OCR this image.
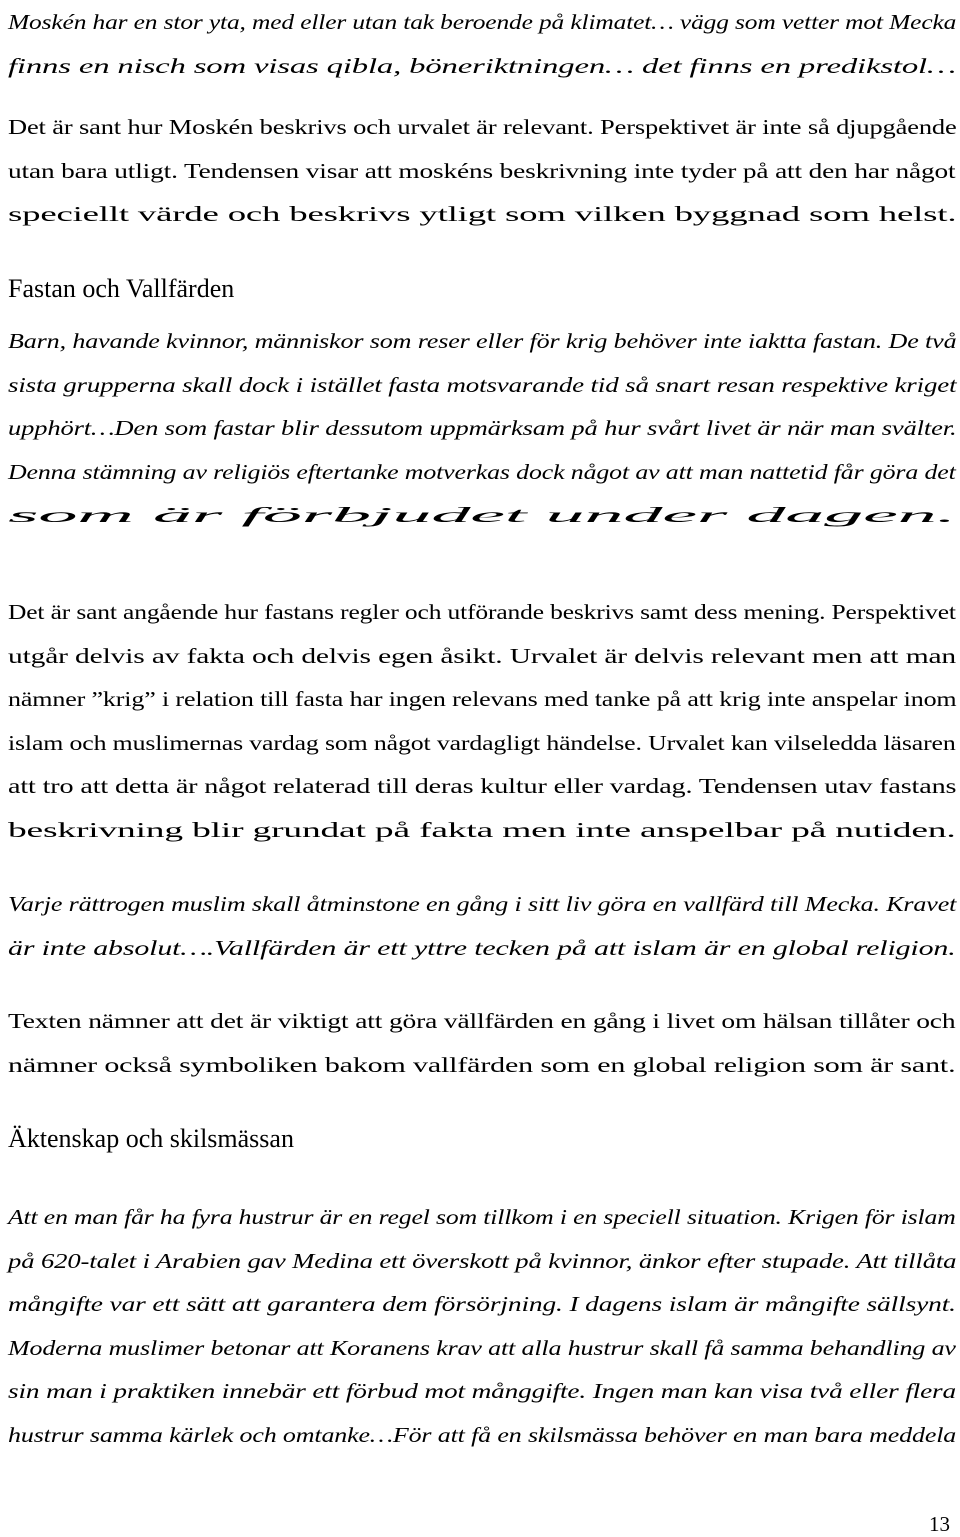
Moskén har en stor yta, med eller utan tak beroende på klimatet… vägg som vetter mot Mecka
finns en nisch som visas qibla, böneriktningen… det finns en predikstol…
Det är sant hur Moskén beskrivs och urvalet är relevant. Perspektivet är inte så djupgående
utan bara utligt. Tendensen visar att moskéns beskrivning inte tyder på att den har något
speciellt värde och beskrivs ytligt som vilken byggnad som helst.
Barn, havande kvinnor, människor som reser eller för krig behöver inte iaktta fastan. De två
sista grupperna skall dock i istället fasta motsvarande tid så snart resan respektive kriget
upphört…Den som fastar blir dessutom uppmärksam på hur svårt livet är när man svälter.
Denna stämning av religiös eftertanke motverkas dock något av att man nattetid får göra det
som är förbjudet under dagen.
Det är sant angående hur fastans regler och utförande beskrivs samt dess mening. Perspektivet
utgår delvis av fakta och delvis egen åsikt. Urvalet är delvis relevant men att man
nämner ”krig” i relation till fasta har ingen relevans med tanke på att krig inte anspelar inom
islam och muslimernas vardag som något vardagligt händelse. Urvalet kan vilseledda läsaren
att tro att detta är något relaterad till deras kultur eller vardag. Tendensen utav fastans
beskrivning blir grundat på fakta men inte anspelbar på nutiden.
Varje rättrogen muslim skall åtminstone en gång i sitt liv göra en vallfärd till Mecka. Kravet
är inte absolut….Vallfärden är ett yttre tecken på att islam är en global religion.
Texten nämner att det är viktigt att göra vällfärden en gång i livet om hälsan tillåter och
nämner också symboliken bakom vallfärden som en global religion som är sant.
Att en man får ha fyra hustrur är en regel som tillkom i en speciell situation. Krigen för islam
på 620-talet i Arabien gav Medina ett överskott på kvinnor, änkor efter stupade. Att tillåta
mångifte var ett sätt att garantera dem försörjning. I dagens islam är mångifte sällsynt.
Moderna muslimer betonar att Koranens krav att alla hustrur skall få samma behandling av
sin man i praktiken innebär ett förbud mot månggifte. Ingen man kan visa två eller flera
hustrur samma kärlek och omtanke…För att få en skilsmässa behöver en man bara meddela
Fastan och Vallfärden
Äktenskap och skilsmässan
13
